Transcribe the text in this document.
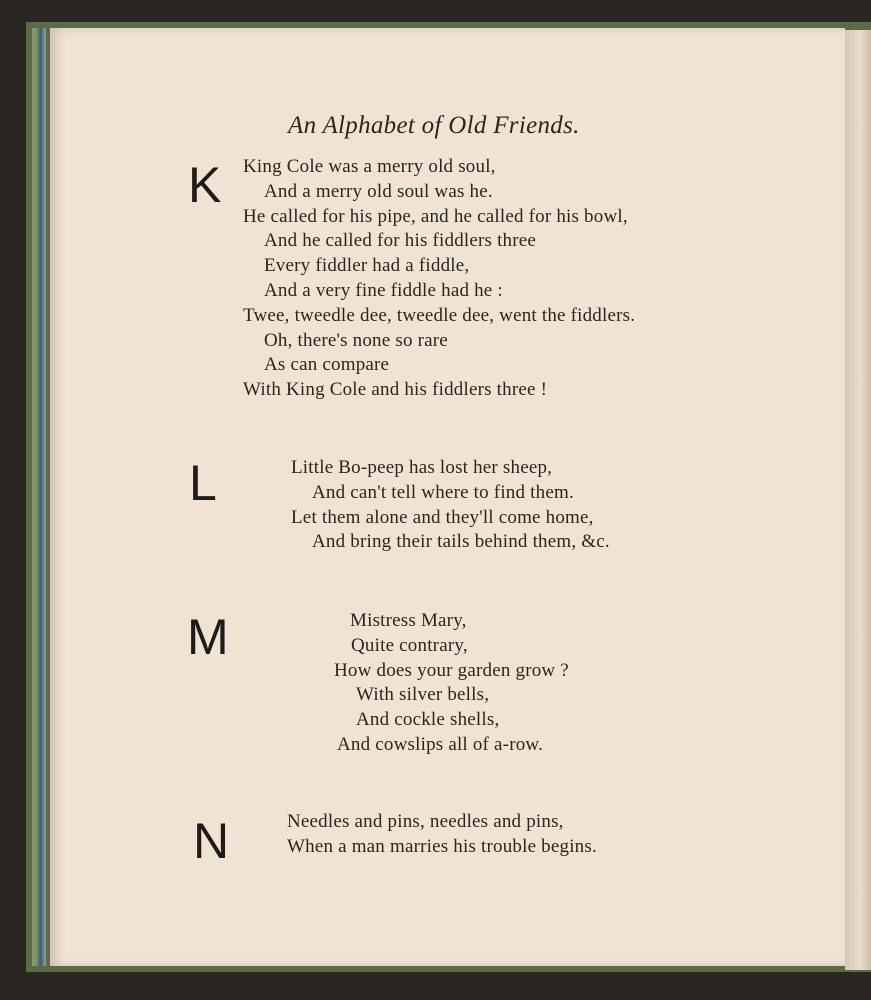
An Alphabet of Old Friends.
K King Cole was a merry old soul,
And a merry old soul was he.
He called for his pipe, and he called for his bowl,
And he called for his fiddlers three
Every fiddler had a fiddle,
And a very fine fiddle had he :
Twee, tweedle dee, tweedle dee, went the fiddlers.
Oh, there's none so rare
As can compare
With King Cole and his fiddlers three !
L	Little Bo-peep has lost her sheep,
And can't tell where to find them.
Let them alone and they'll come home,
And bring their tails behind them, &c.
M	Mistress Mary,
Quite contrary,
How does your garden grow ?
With silver bells,
And cockle shells,
And cowslips all of a-row.
N	Needles and pins, needles and pins,
When a man marries his trouble begins.
